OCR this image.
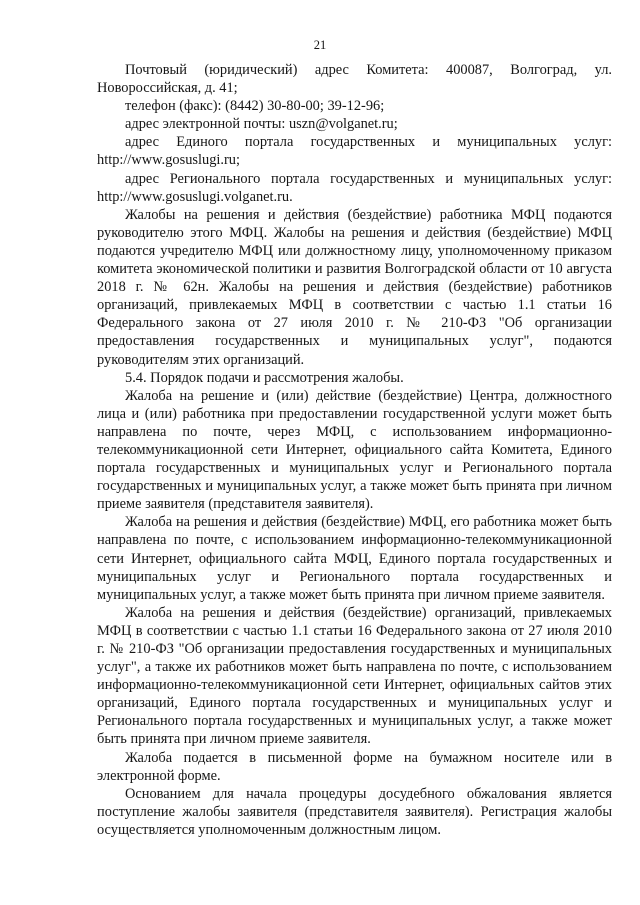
21

Почтовый (юридический) адрес Комитета: 400087, Волгоград, ул. Новороссийская, д. 41;

телефон (факс): (8442) 30-80-00; 39-12-96;

адрес электронной почты: uszn@volganet.ru;

адрес Единого портала государственных и муниципальных услуг: http://www.gosuslugi.ru;

адрес Регионального портала государственных и муниципальных услуг: http://www.gosuslugi.volganet.ru.

Жалобы на решения и действия (бездействие) работника МФЦ подаются руководителю этого МФЦ. Жалобы на решения и действия (бездействие) МФЦ подаются учредителю МФЦ или должностному лицу, уполномоченному приказом комитета экономической политики и развития Волгоградской области от 10 августа 2018 г. № 62н. Жалобы на решения и действия (бездействие) работников организаций, привлекаемых МФЦ в соответствии с частью 1.1 статьи 16 Федерального закона от 27 июля 2010 г. № 210-ФЗ "Об организации предоставления государственных и муниципальных услуг", подаются руководителям этих организаций.

5.4. Порядок подачи и рассмотрения жалобы.

Жалоба на решение и (или) действие (бездействие) Центра, должностного лица и (или) работника при предоставлении государственной услуги может быть направлена по почте, через МФЦ, с использованием информационно-телекоммуникационной сети Интернет, официального сайта Комитета, Единого портала государственных и муниципальных услуг и Регионального портала государственных и муниципальных услуг, а также может быть принята при личном приеме заявителя (представителя заявителя).

Жалоба на решения и действия (бездействие) МФЦ, его работника может быть направлена по почте, с использованием информационно-телекоммуникационной сети Интернет, официального сайта МФЦ, Единого портала государственных и муниципальных услуг и Регионального портала государственных и муниципальных услуг, а также может быть принята при личном приеме заявителя.

Жалоба на решения и действия (бездействие) организаций, привлекаемых МФЦ в соответствии с частью 1.1 статьи 16 Федерального закона от 27 июля 2010 г. № 210-ФЗ "Об организации предоставления государственных и муниципальных услуг", а также их работников может быть направлена по почте, с использованием информационно-телекоммуникационной сети Интернет, официальных сайтов этих организаций, Единого портала государственных и муниципальных услуг и Регионального портала государственных и муниципальных услуг, а также может быть принята при личном приеме заявителя.

Жалоба подается в письменной форме на бумажном носителе или в электронной форме.

Основанием для начала процедуры досудебного обжалования является поступление жалобы заявителя (представителя заявителя). Регистрация жалобы осуществляется уполномоченным должностным лицом.
